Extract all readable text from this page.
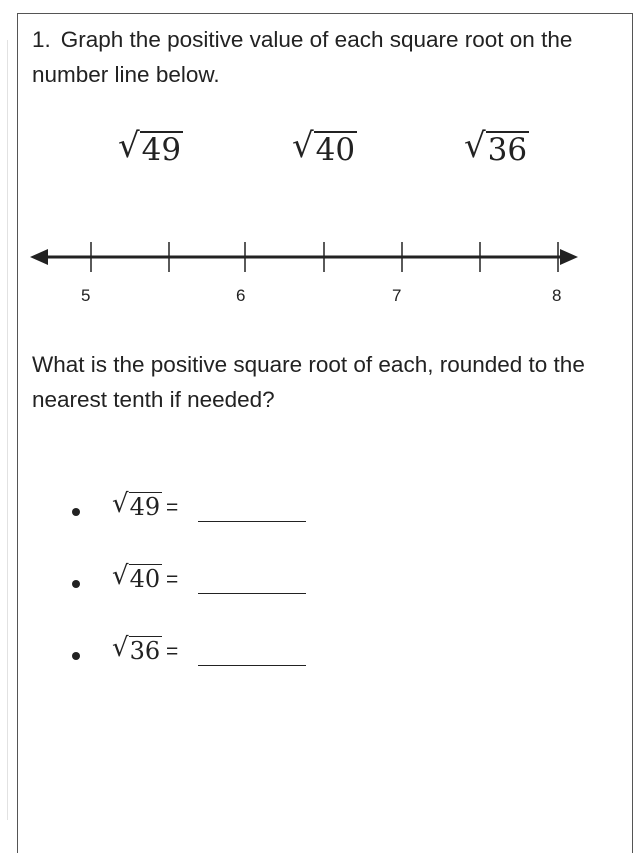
1. Graph the positive value of each square root on the number line below.
√ 49	√ 40	√ 36
5	6	7	8
What is the positive square root of each, rounded to the nearest tenth if needed?
√ 49 =
√ 40 =
√ 36 =
